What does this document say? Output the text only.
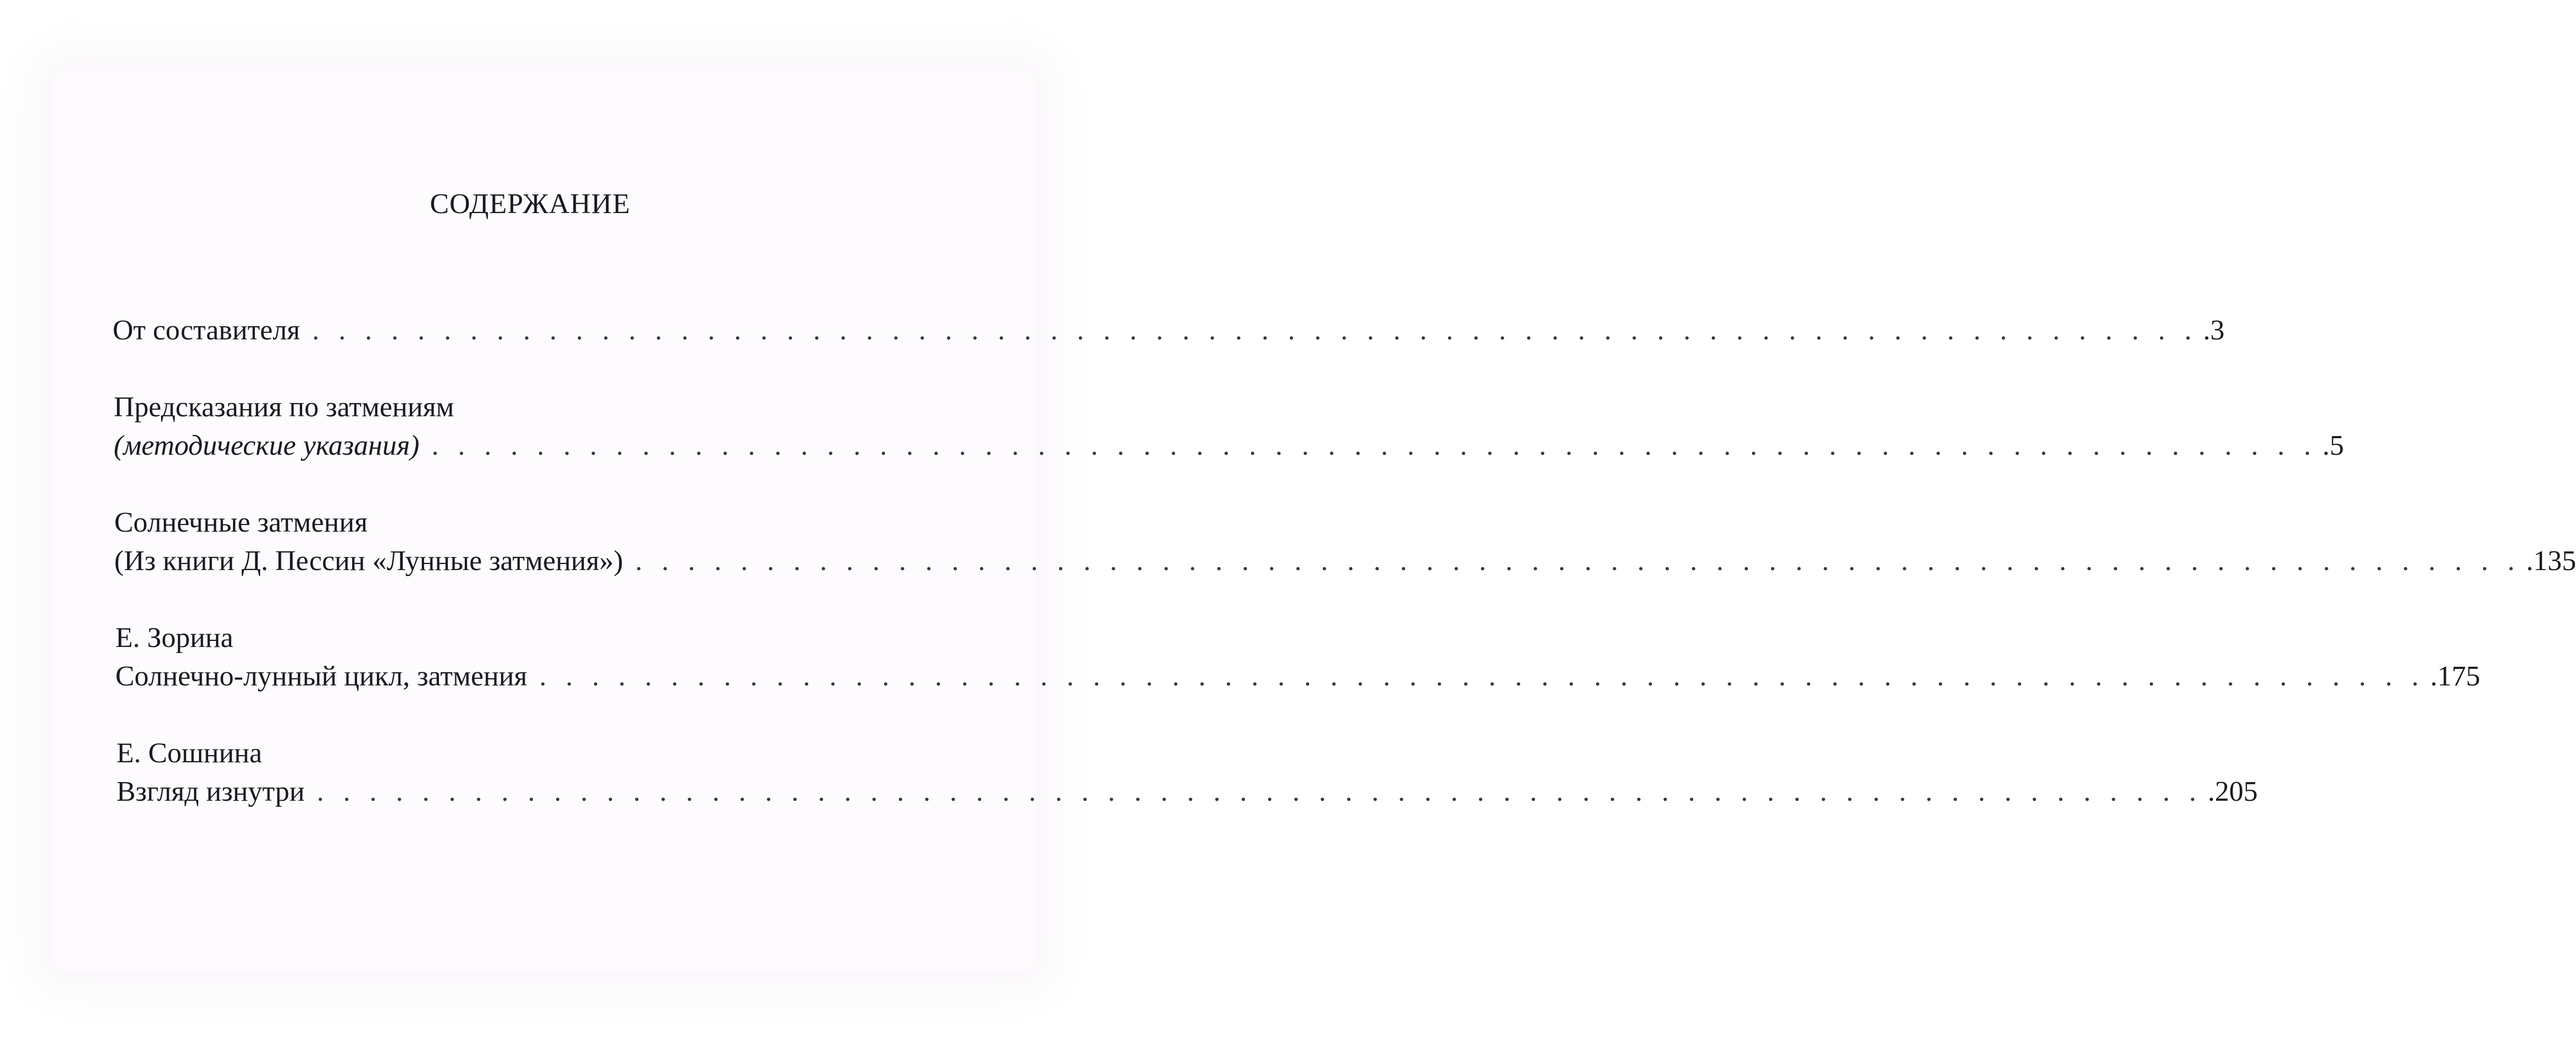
СОДЕРЖАНИЕ
От составителя . . . . . . . . . . . . . . . . . . . . . . . . . . . . . . . . . . . . . . . . . . . . . . . . . . . . . . . . . . . . . . . . . . . . . . . . .3
Предсказания по затмениям
(методические указания) . . . . . . . . . . . . . . . . . . . . . . . . . . . . . . . . . . . . . . . . . . . . . . . . . . . . . . . . . . . . . . . . . . . . . . . . .5
Солнечные затмения
(Из книги Д. Пессин «Лунные затмения») . . . . . . . . . . . . . . . . . . . . . . . . . . . . . . . . . . . . . . . . . . . . . . . . . . . . . . . . . . . . . . . . . . . . . . . . .135
Е. Зорина
Солнечно-лунный цикл, затмения . . . . . . . . . . . . . . . . . . . . . . . . . . . . . . . . . . . . . . . . . . . . . . . . . . . . . . . . . . . . . . . . . . . . . . . . .175
Е. Сошнина
Взгляд изнутри . . . . . . . . . . . . . . . . . . . . . . . . . . . . . . . . . . . . . . . . . . . . . . . . . . . . . . . . . . . . . . . . . . . . . . . . .205
